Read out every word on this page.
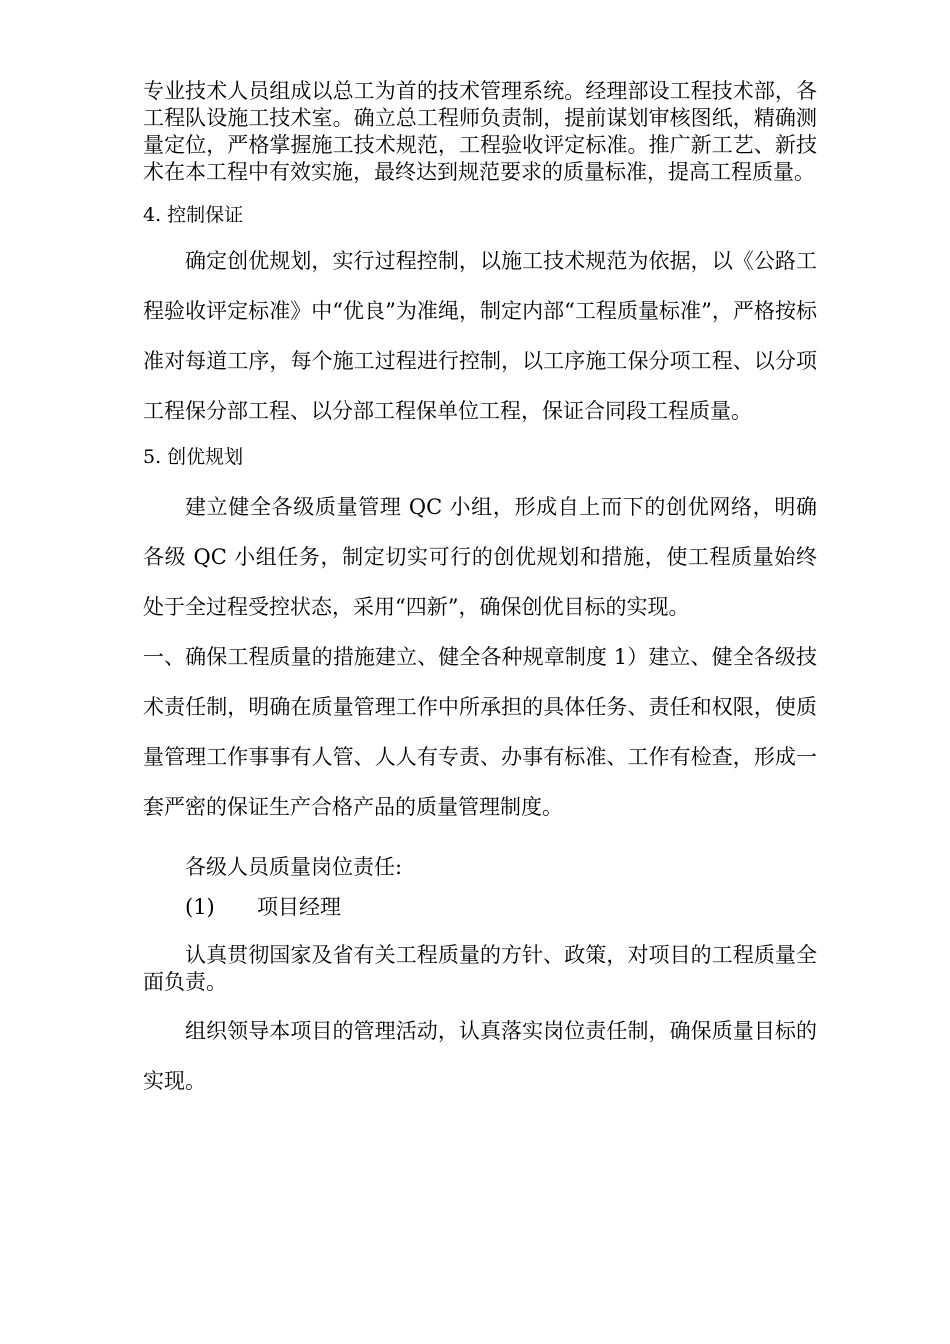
专业技术人员组成以总工为首的技术管理系统。经理部设工程技术部，各工程队设施工技术室。确立总工程师负责制，提前谋划审核图纸，精确测量定位，严格掌握施工技术规范，工程验收评定标准。推广新工艺、新技术在本工程中有效实施，最终达到规范要求的质量标准，提高工程质量。

4. 控制保证

确定创优规划，实行过程控制，以施工技术规范为依据，以《公路工程验收评定标准》中“优良”为准绳，制定内部“工程质量标准”，严格按标准对每道工序，每个施工过程进行控制，以工序施工保分项工程、以分项工程保分部工程、以分部工程保单位工程，保证合同段工程质量。

5. 创优规划

建立健全各级质量管理 QC 小组，形成自上而下的创优网络，明确各级 QC 小组任务，制定切实可行的创优规划和措施，使工程质量始终处于全过程受控状态，采用“四新”，确保创优目标的实现。

一、确保工程质量的措施建立、健全各种规章制度 1）建立、健全各级技术责任制，明确在质量管理工作中所承担的具体任务、责任和权限，使质量管理工作事事有人管、人人有专责、办事有标准、工作有检查，形成一套严密的保证生产合格产品的质量管理制度。

各级人员质量岗位责任:

(1) 项目经理

认真贯彻国家及省有关工程质量的方针、政策，对项目的工程质量全面负责。

组织领导本项目的管理活动，认真落实岗位责任制，确保质量目标的实现。
